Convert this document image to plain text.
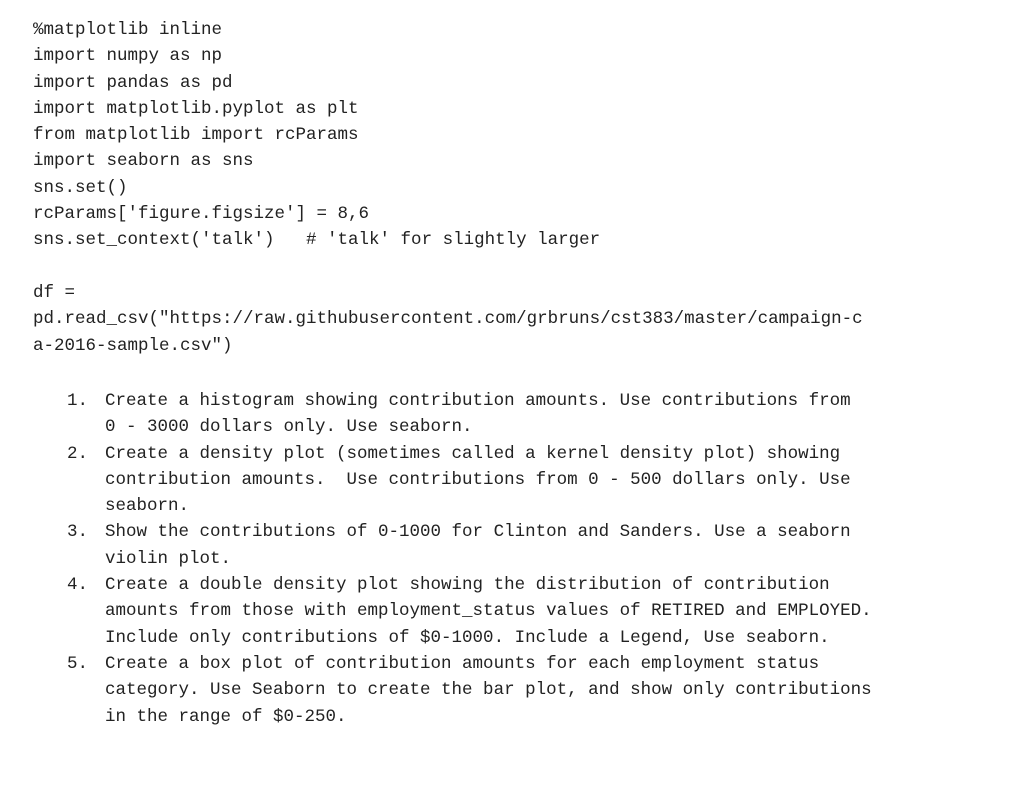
%matplotlib inline
import numpy as np
import pandas as pd
import matplotlib.pyplot as plt
from matplotlib import rcParams
import seaborn as sns
sns.set()
rcParams['figure.figsize'] = 8,6
sns.set_context('talk')   # 'talk' for slightly larger
df =
pd.read_csv("https://raw.githubusercontent.com/grbruns/cst383/master/campaign-c
a-2016-sample.csv")
1. Create a histogram showing contribution amounts. Use contributions from
0 - 3000 dollars only. Use seaborn.
2. Create a density plot (sometimes called a kernel density plot) showing
contribution amounts.  Use contributions from 0 - 500 dollars only. Use
seaborn.
3. Show the contributions of 0-1000 for Clinton and Sanders. Use a seaborn
violin plot.
4. Create a double density plot showing the distribution of contribution
amounts from those with employment_status values of RETIRED and EMPLOYED.
Include only contributions of $0-1000. Include a Legend, Use seaborn.
5. Create a box plot of contribution amounts for each employment status
category. Use Seaborn to create the bar plot, and show only contributions
in the range of $0-250.
